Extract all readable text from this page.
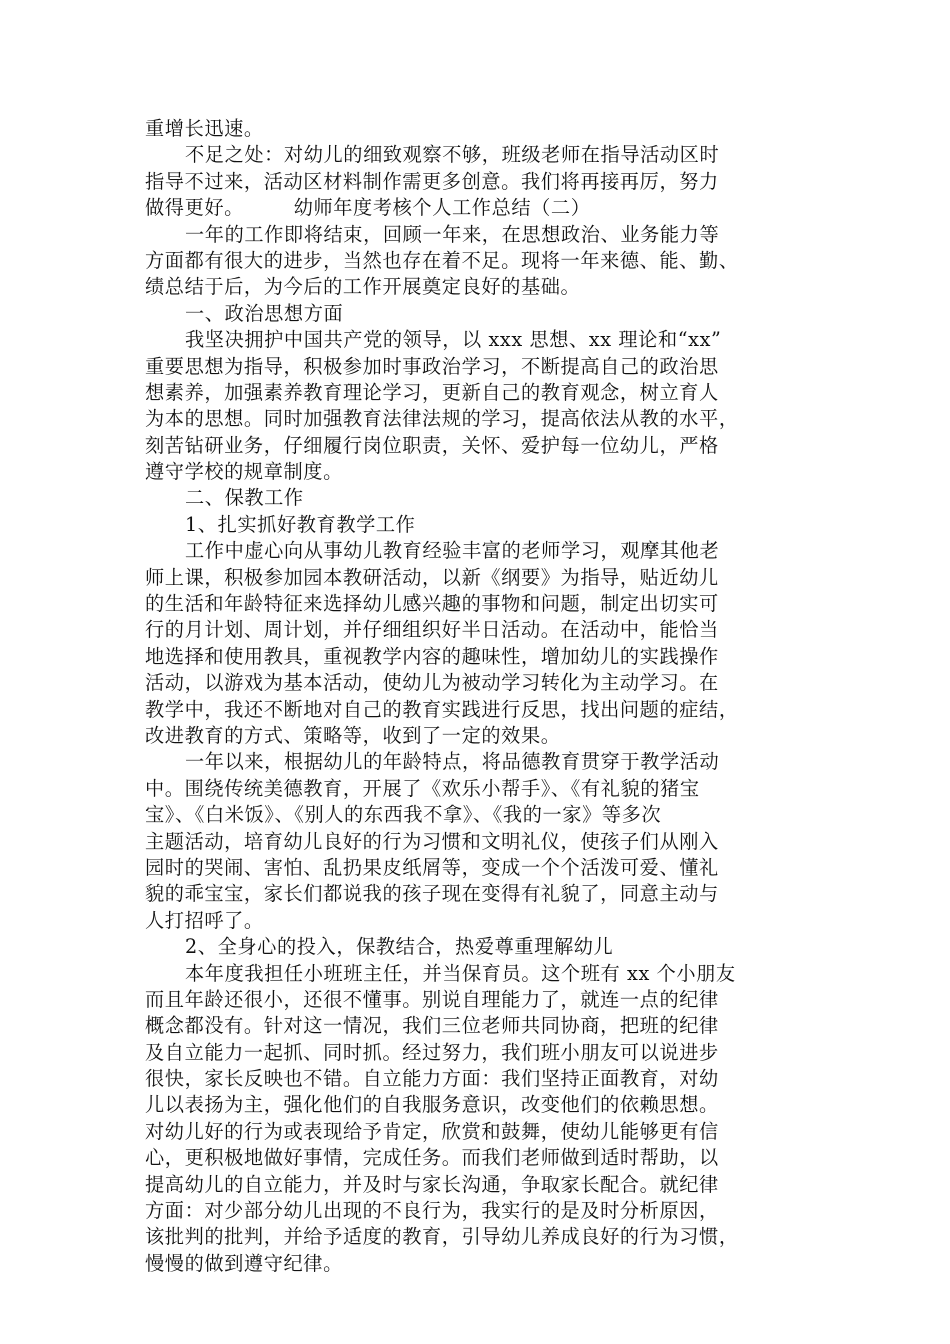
重增长迅速。
不足之处：对幼儿的细致观察不够，班级老师在指导活动区时
指导不过来，活动区材料制作需更多创意。我们将再接再厉，努力
做得更好。　　　幼师年度考核个人工作总结（二）
一年的工作即将结束，回顾一年来，在思想政治、业务能力等
方面都有很大的进步，当然也存在着不足。现将一年来德、能、勤、
绩总结于后，为今后的工作开展奠定良好的基础。
一、政治思想方面
我坚决拥护中国共产党的领导，以 xxx 思想、xx 理论和“xx”
重要思想为指导，积极参加时事政治学习，不断提高自己的政治思
想素养，加强素养教育理论学习，更新自己的教育观念，树立育人
为本的思想。同时加强教育法律法规的学习，提高依法从教的水平，
刻苦钻研业务，仔细履行岗位职责，关怀、爱护每一位幼儿，严格
遵守学校的规章制度。
二、保教工作
1、扎实抓好教育教学工作
工作中虚心向从事幼儿教育经验丰富的老师学习，观摩其他老
师上课，积极参加园本教研活动，以新《纲要》为指导，贴近幼儿
的生活和年龄特征来选择幼儿感兴趣的事物和问题，制定出切实可
行的月计划、周计划，并仔细组织好半日活动。在活动中，能恰当
地选择和使用教具，重视教学内容的趣味性，增加幼儿的实践操作
活动，以游戏为基本活动，使幼儿为被动学习转化为主动学习。在
教学中，我还不断地对自己的教育实践进行反思，找出问题的症结，
改进教育的方式、策略等，收到了一定的效果。
一年以来，根据幼儿的年龄特点，将品德教育贯穿于教学活动
中。围绕传统美德教育，开展了《欢乐小帮手》、《有礼貌的猪宝
宝》、《白米饭》、《别人的东西我不拿》、《我的一家》等多次
主题活动，培育幼儿良好的行为习惯和文明礼仪，使孩子们从刚入
园时的哭闹、害怕、乱扔果皮纸屑等，变成一个个活泼可爱、懂礼
貌的乖宝宝，家长们都说我的孩子现在变得有礼貌了，同意主动与
人打招呼了。
2、全身心的投入，保教结合，热爱尊重理解幼儿
本年度我担任小班班主任，并当保育员。这个班有 xx 个小朋友
而且年龄还很小，还很不懂事。别说自理能力了，就连一点的纪律
概念都没有。针对这一情况，我们三位老师共同协商，把班的纪律
及自立能力一起抓、同时抓。经过努力，我们班小朋友可以说进步
很快，家长反映也不错。自立能力方面：我们坚持正面教育，对幼
儿以表扬为主，强化他们的自我服务意识，改变他们的依赖思想。
对幼儿好的行为或表现给予肯定，欣赏和鼓舞，使幼儿能够更有信
心，更积极地做好事情，完成任务。而我们老师做到适时帮助，以
提高幼儿的自立能力，并及时与家长沟通，争取家长配合。就纪律
方面：对少部分幼儿出现的不良行为，我实行的是及时分析原因，
该批判的批判，并给予适度的教育，引导幼儿养成良好的行为习惯，
慢慢的做到遵守纪律。
